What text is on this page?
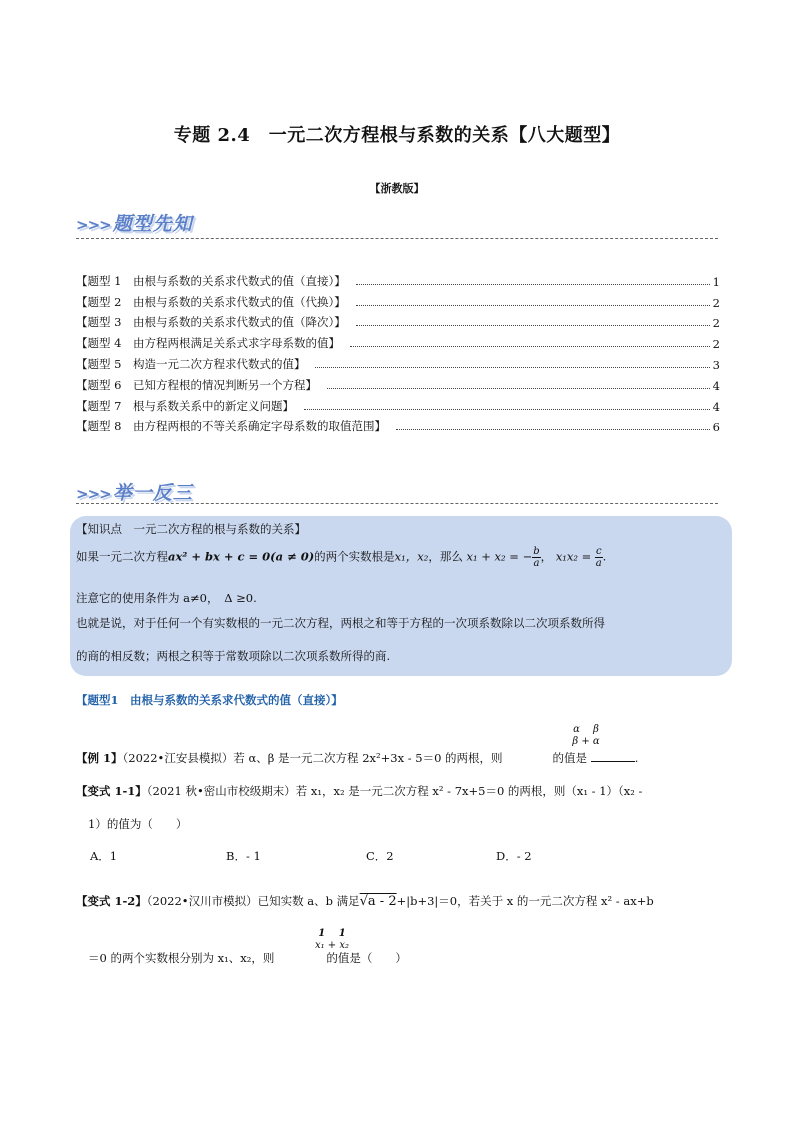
专题 2.4　一元二次方程根与系数的关系【八大题型】
【浙教版】
>>> 题型先知
【题型 1　由根与系数的关系求代数式的值（直接）】	1
【题型 2　由根与系数的关系求代数式的值（代换）】	2
【题型 3　由根与系数的关系求代数式的值（降次）】	2
【题型 4　由方程两根满足关系式求字母系数的值】	2
【题型 5　构造一元二次方程求代数式的值】	3
【题型 6　已知方程根的情况判断另一个方程】	4
【题型 7　根与系数关系中的新定义问题】	4
【题型 8　由方程两根的不等关系确定字母系数的取值范围】	6
>>> 举一反三
【知识点　一元二次方程的根与系数的关系】
如果一元二次方程ax² + bx + c = 0(a ≠ 0)的两个实数根是x₁，x₂，那么 x₁ + x₂ = − $\frac{b}{a}$ ， $x_1x_2 = \frac{c}{a}$ .
注意它的使用条件为 a≠0，　Δ ≥0.
也就是说，对于任何一个有实数根的一元二次方程，两根之和等于方程的一次项系数除以二次项系数所得
的商的相反数；两根之积等于常数项除以二次项系数所得的商.
【题型1　由根与系数的关系求代数式的值（直接）】
α　 β
β + α
【例 1】（2022•江安县模拟）若 α、β 是一元二次方程 2x²+3x - 5＝0 的两根，则	的值是	.
【变式 1-1】（2021 秋•密山市校级期末）若 x₁，x₂ 是一元二次方程 x² - 7x+5＝0 的两根，则（x₁ - 1）（x₂ -
1）的值为（　　）
A．1	B．- 1	C．2	D．- 2
【变式 1-2】（2022•汉川市模拟）已知实数 a、b 满足√a - 2+|b+3|＝0，若关于 x 的一元二次方程 x² - ax+b
1　 1
x₁ + x₂
＝0 的两个实数根分别为 x₁、x₂，则	的值是（　　）
